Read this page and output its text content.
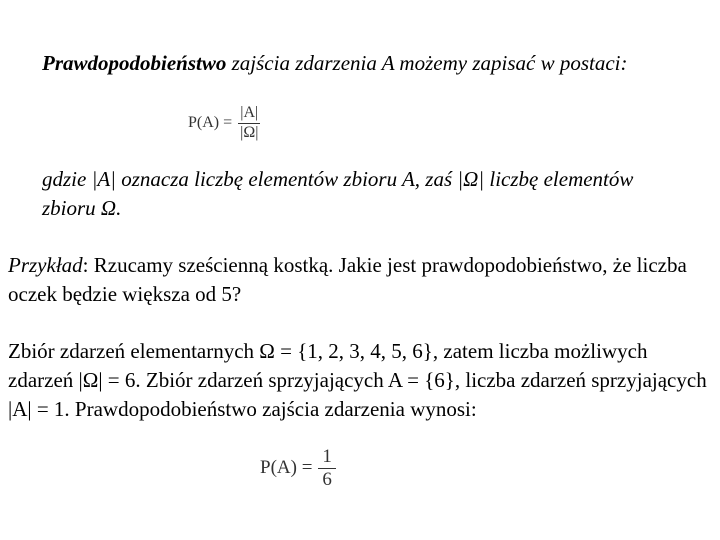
Prawdopodobieństwo zajścia zdarzenia A możemy zapisać w postaci:
$P(A) = \frac{|A|}{|\Omega|}$
gdzie |A| oznacza liczbę elementów zbioru A, zaś |Ω| liczbę elementów zbioru Ω.
Przykład: Rzucamy sześcienną kostką. Jakie jest prawdopodobieństwo, że liczba oczek będzie większa od 5?
Zbiór zdarzeń elementarnych Ω = {1, 2, 3, 4, 5, 6}, zatem liczba możliwych zdarzeń |Ω| = 6. Zbiór zdarzeń sprzyjających A = {6}, liczba zdarzeń sprzyjających |A| = 1. Prawdopodobieństwo zajścia zdarzenia wynosi:
$P(A) = \frac{1}{6}$
